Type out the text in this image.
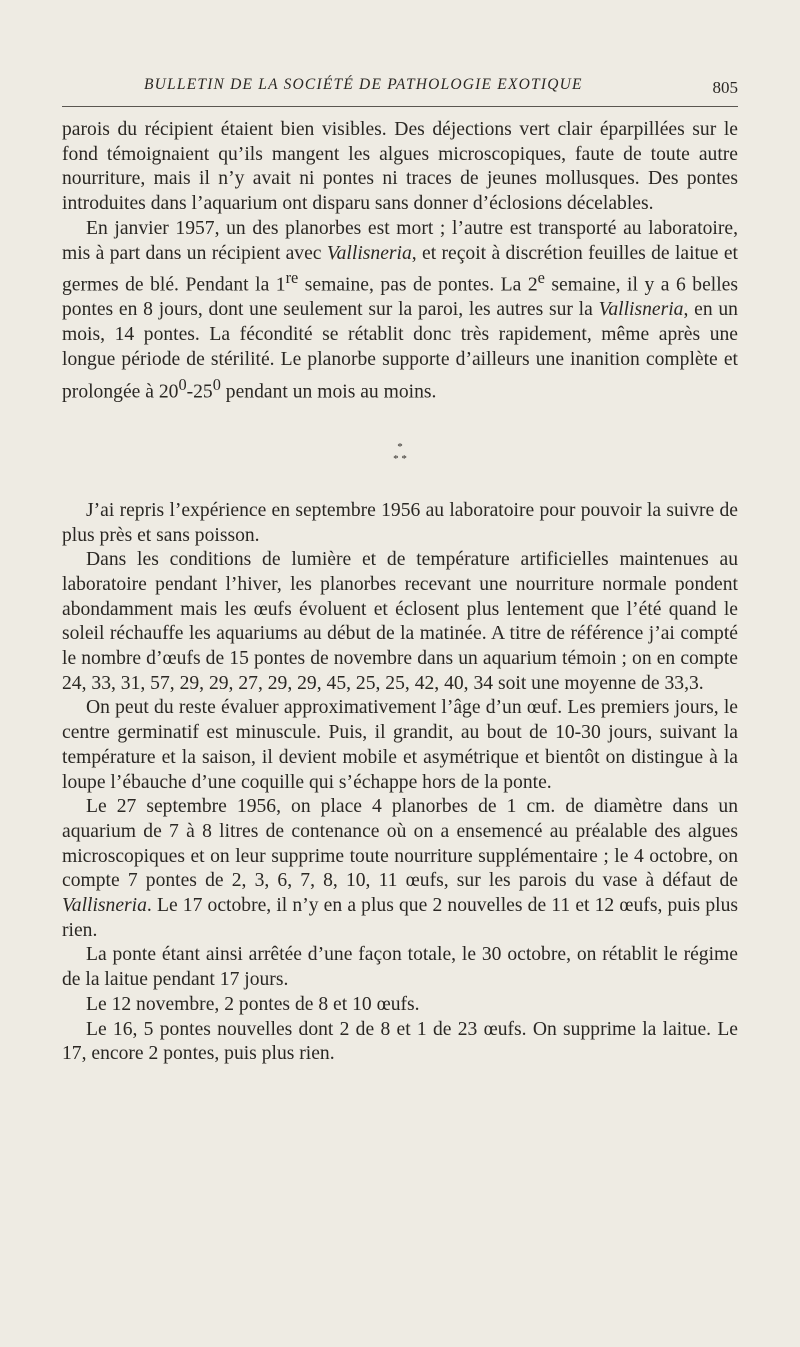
BULLETIN DE LA SOCIÉTÉ DE PATHOLOGIE EXOTIQUE	805

parois du récipient étaient bien visibles. Des déjections vert clair éparpillées sur le fond témoignaient qu’ils mangent les algues microscopiques, faute de toute autre nourriture, mais il n’y avait ni pontes ni traces de jeunes mollusques. Des pontes introduites dans l’aquarium ont disparu sans donner d’éclosions décelables.

En janvier 1957, un des planorbes est mort ; l’autre est transporté au laboratoire, mis à part dans un récipient avec Vallisneria, et reçoit à discrétion feuilles de laitue et germes de blé. Pendant la 1re semaine, pas de pontes. La 2e semaine, il y a 6 belles pontes en 8 jours, dont une seulement sur la paroi, les autres sur la Vallisneria, en un mois, 14 pontes. La fécondité se rétablit donc très rapidement, même après une longue période de stérilité. Le planorbe supporte d’ailleurs une inanition complète et prolongée à $20^0-25^0$ pendant un mois au moins.

*
* *

J’ai repris l’expérience en septembre 1956 au laboratoire pour pouvoir la suivre de plus près et sans poisson.

Dans les conditions de lumière et de température artificielles maintenues au laboratoire pendant l’hiver, les planorbes recevant une nourriture normale pondent abondamment mais les œufs évoluent et éclosent plus lentement que l’été quand le soleil réchauffe les aquariums au début de la matinée. A titre de référence j’ai compté le nombre d’œufs de 15 pontes de novembre dans un aquarium témoin ; on en compte 24, 33, 31, 57, 29, 29, 27, 29, 29, 45, 25, 25, 42, 40, 34 soit une moyenne de 33,3.

On peut du reste évaluer approximativement l’âge d’un œuf. Les premiers jours, le centre germinatif est minuscule. Puis, il grandit, au bout de 10-30 jours, suivant la température et la saison, il devient mobile et asymétrique et bientôt on distingue à la loupe l’ébauche d’une coquille qui s’échappe hors de la ponte.

Le 27 septembre 1956, on place 4 planorbes de 1 cm. de diamètre dans un aquarium de 7 à 8 litres de contenance où on a ensemencé au préalable des algues microscopiques et on leur supprime toute nourriture supplémentaire ; le 4 octobre, on compte 7 pontes de 2, 3, 6, 7, 8, 10, 11 œufs, sur les parois du vase à défaut de Vallisneria. Le 17 octobre, il n’y en a plus que 2 nouvelles de 11 et 12 œufs, puis plus rien.

La ponte étant ainsi arrêtée d’une façon totale, le 30 octobre, on rétablit le régime de la laitue pendant 17 jours.

Le 12 novembre, 2 pontes de 8 et 10 œufs.

Le 16, 5 pontes nouvelles dont 2 de 8 et 1 de 23 œufs. On supprime la laitue. Le 17, encore 2 pontes, puis plus rien.
